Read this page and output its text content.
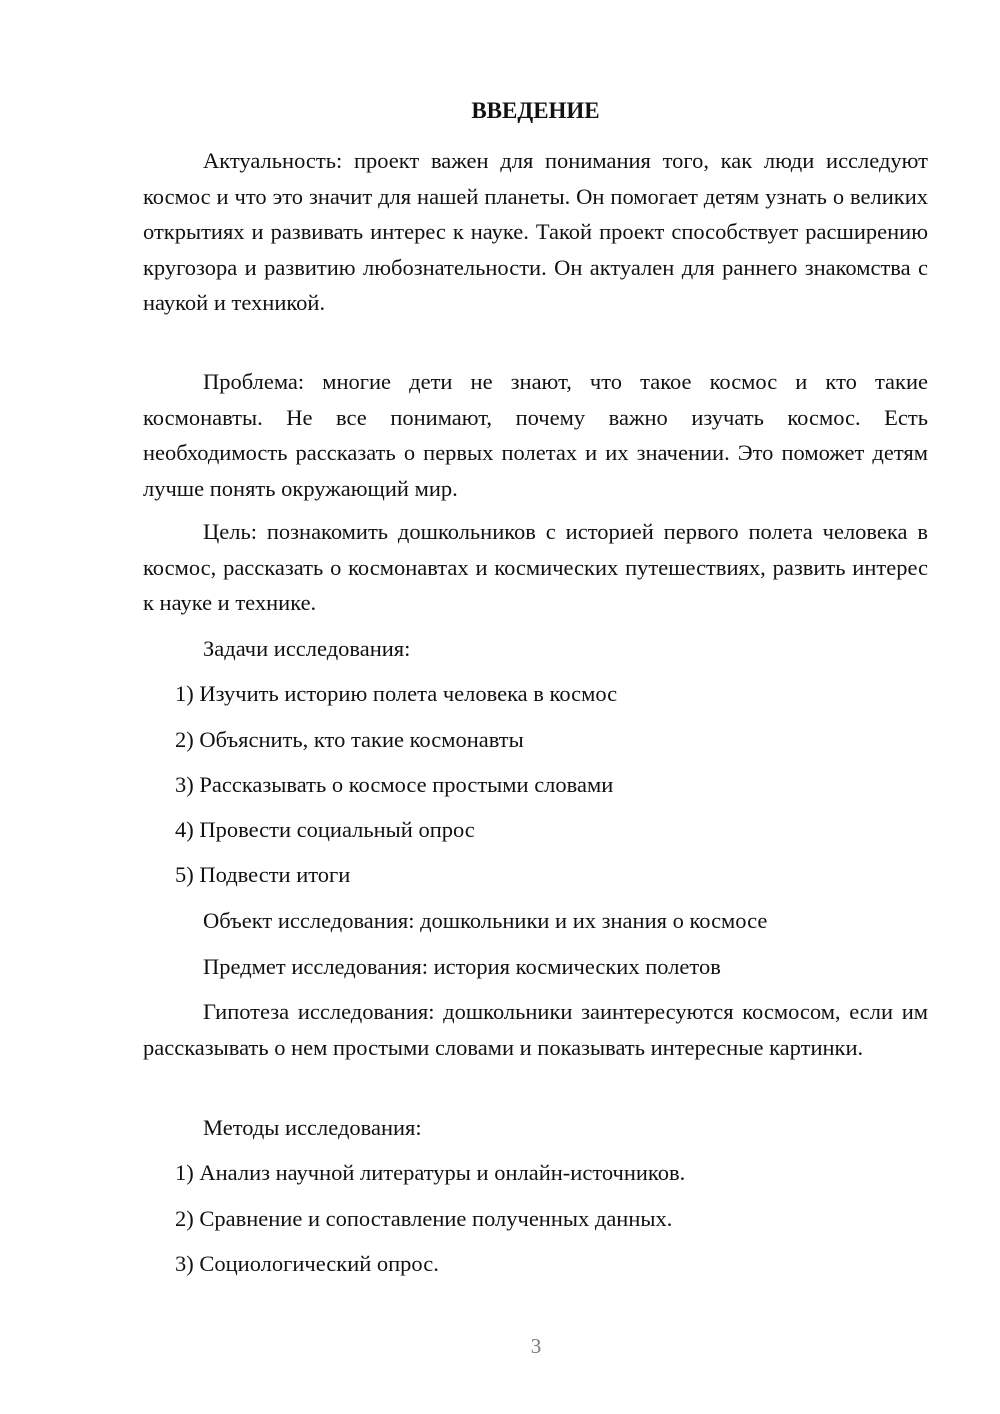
ВВЕДЕНИЕ
Актуальность: проект важен для понимания того, как люди исследуют космос и что это значит для нашей планеты. Он помогает детям узнать о великих открытиях и развивать интерес к науке. Такой проект способствует расширению кругозора и развитию любознательности. Он актуален для раннего знакомства с наукой и техникой.
Проблема: многие дети не знают, что такое космос и кто такие космонавты. Не все понимают, почему важно изучать космос. Есть необходимость рассказать о первых полетах и их значении. Это поможет детям лучше понять окружающий мир.
Цель: познакомить дошкольников с историей первого полета человека в космос, рассказать о космонавтах и космических путешествиях, развить интерес к науке и технике.
Задачи исследования:
1) Изучить историю полета человека в космос
2) Объяснить, кто такие космонавты
3) Рассказывать о космосе простыми словами
4) Провести социальный опрос
5) Подвести итоги
Объект исследования: дошкольники и их знания о космосе
Предмет исследования: история космических полетов
Гипотеза исследования: дошкольники заинтересуются космосом, если им рассказывать о нем простыми словами и показывать интересные картинки.
Методы исследования:
1) Анализ научной литературы и онлайн-источников.
2) Сравнение и сопоставление полученных данных.
3) Социологический опрос.
3
